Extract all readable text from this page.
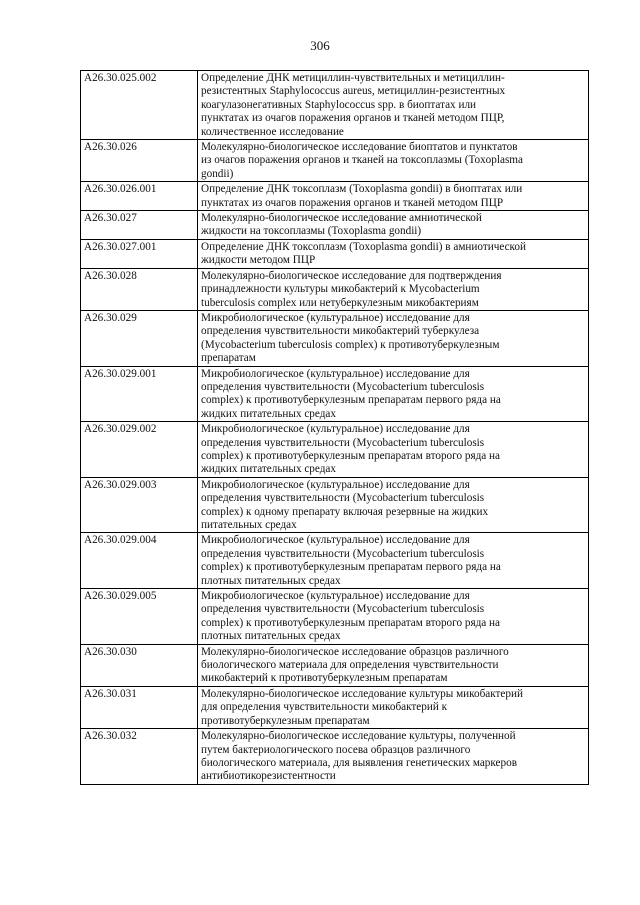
306
A26.30.025.002	Определение ДНК метициллин-чувствительных и метициллин-
резистентных Staphylococcus aureus, метициллин-резистентных
коагулазонегативных Staphylococcus spp. в биоптатах или
пунктатах из очагов поражения органов и тканей методом ПЦР,
количественное исследование

A26.30.026	Молекулярно-биологическое исследование биоптатов и пунктатов
из очагов поражения органов и тканей на токсоплазмы (Toxoplasma
gondii)

A26.30.026.001	Определение ДНК токсоплазм (Toxoplasma gondii) в биоптатах или
пунктатах из очагов поражения органов и тканей методом ПЦР

A26.30.027	Молекулярно-биологическое исследование амниотической
жидкости на токсоплазмы (Toxoplasma gondii)

A26.30.027.001	Определение ДНК токсоплазм (Toxoplasma gondii) в амниотической
жидкости методом ПЦР

A26.30.028	Молекулярно-биологическое исследование для подтверждения
принадлежности культуры микобактерий к Mycobacterium
tuberculosis complex или нетуберкулезным микобактериям

A26.30.029	Микробиологическое (культуральное) исследование для
определения чувствительности микобактерий туберкулеза
(Mycobacterium tuberculosis complex) к противотуберкулезным
препаратам

A26.30.029.001	Микробиологическое (культуральное) исследование для
определения чувствительности (Mycobacterium tuberculosis
complex) к противотуберкулезным препаратам первого ряда на
жидких питательных средах

A26.30.029.002	Микробиологическое (культуральное) исследование для
определения чувствительности (Mycobacterium tuberculosis
complex) к противотуберкулезным препаратам второго ряда на
жидких питательных средах

A26.30.029.003	Микробиологическое (культуральное) исследование для
определения чувствительности (Mycobacterium tuberculosis
complex) к одному препарату включая резервные на жидких
питательных средах

A26.30.029.004	Микробиологическое (культуральное) исследование для
определения чувствительности (Mycobacterium tuberculosis
complex) к противотуберкулезным препаратам первого ряда на
плотных питательных средах

A26.30.029.005	Микробиологическое (культуральное) исследование для
определения чувствительности (Mycobacterium tuberculosis
complex) к противотуберкулезным препаратам второго ряда на
плотных питательных средах

A26.30.030	Молекулярно-биологическое исследование образцов различного
биологического материала для определения чувствительности
микобактерий к противотуберкулезным препаратам

A26.30.031	Молекулярно-биологическое исследование культуры микобактерий
для определения чувствительности микобактерий к
противотуберкулезным препаратам

A26.30.032	Молекулярно-биологическое исследование культуры, полученной
путем бактериологического посева образцов различного
биологического материала, для выявления генетических маркеров
антибиотикорезистентности
